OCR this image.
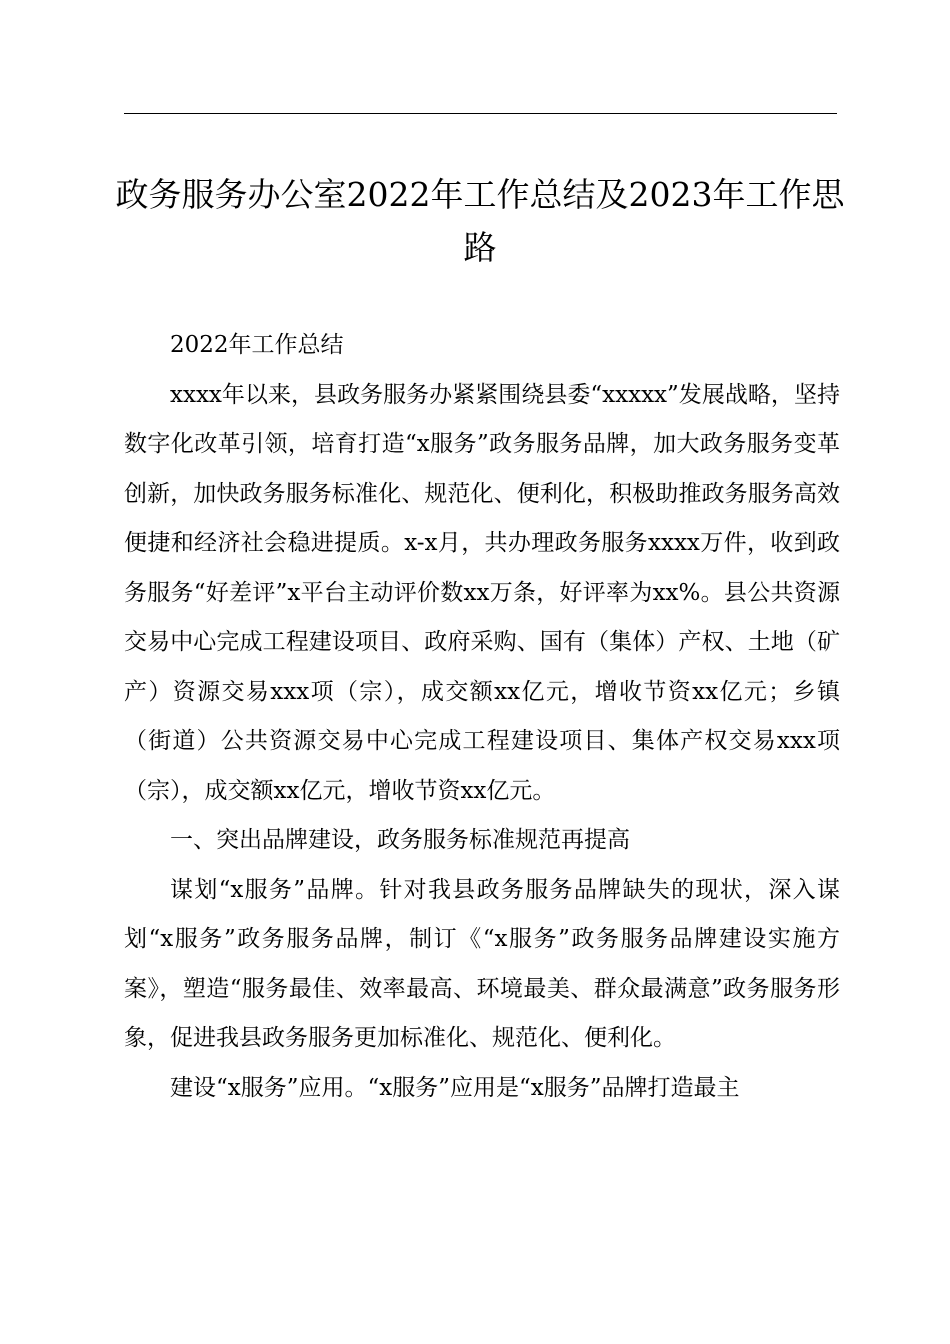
政务服务办公室2022年工作总结及2023年工作思路

2022年工作总结

xxxx年以来，县政务服务办紧紧围绕县委“xxxxx”发展战略，坚持数字化改革引领，培育打造“x服务”政务服务品牌，加大政务服务变革创新，加快政务服务标准化、规范化、便利化，积极助推政务服务高效便捷和经济社会稳进提质。x-x月，共办理政务服务xxxx万件，收到政务服务“好差评”x平台主动评价数xx万条，好评率为xx%。县公共资源交易中心完成工程建设项目、政府采购、国有（集体）产权、土地（矿产）资源交易xxx项（宗），成交额xx亿元，增收节资xx亿元；乡镇（街道）公共资源交易中心完成工程建设项目、集体产权交易xxx项（宗），成交额xx亿元，增收节资xx亿元。

一、突出品牌建设，政务服务标准规范再提高

谋划“x服务”品牌。针对我县政务服务品牌缺失的现状，深入谋划“x服务”政务服务品牌，制订《“x服务”政务服务品牌建设实施方案》，塑造“服务最佳、效率最高、环境最美、群众最满意”政务服务形象，促进我县政务服务更加标准化、规范化、便利化。

建设“x服务”应用。“x服务”应用是“x服务”品牌打造最主
